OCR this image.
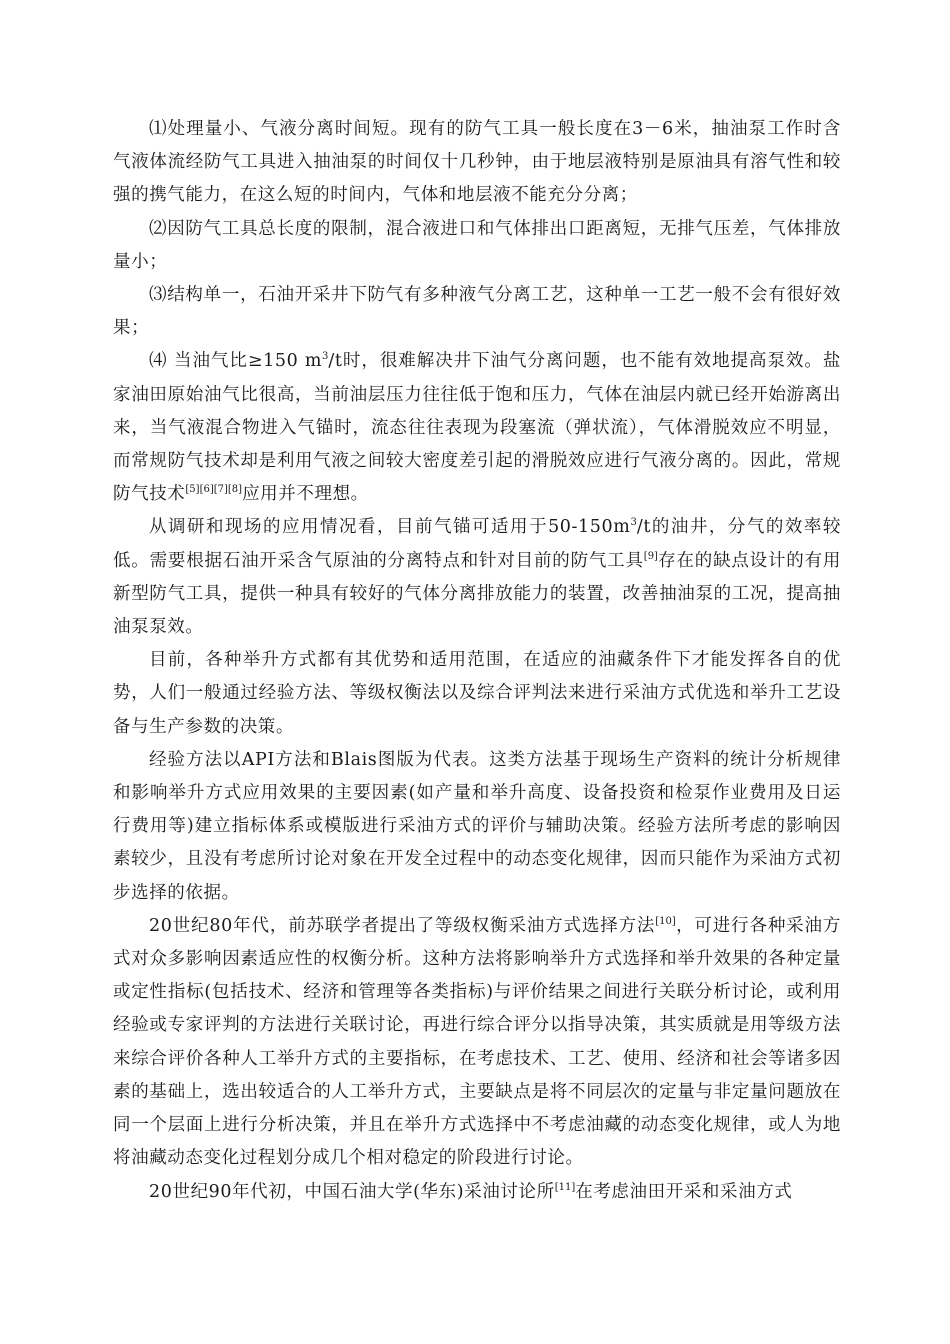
⑴处理量小、气液分离时间短。现有的防气工具一般长度在3－6米，抽油泵工作时含气液体流经防气工具进入抽油泵的时间仅十几秒钟，由于地层液特别是原油具有溶气性和较强的携气能力，在这么短的时间内，气体和地层液不能充分分离；

⑵因防气工具总长度的限制，混合液进口和气体排出口距离短，无排气压差，气体排放量小；

⑶结构单一，石油开采井下防气有多种液气分离工艺，这种单一工艺一般不会有很好效果；

⑷ 当油气比≥150 $m^3/t$时，很难解决井下油气分离问题，也不能有效地提高泵效。盐家油田原始油气比很高，当前油层压力往往低于饱和压力，气体在油层内就已经开始游离出来，当气液混合物进入气锚时，流态往往表现为段塞流（弹状流），气体滑脱效应不明显，而常规防气技术却是利用气液之间较大密度差引起的滑脱效应进行气液分离的。因此，常规防气技术[5][6][7][8]应用并不理想。

从调研和现场的应用情况看，目前气锚可适用于$50-150m^3/t$的油井，分气的效率较低。需要根据石油开采含气原油的分离特点和针对目前的防气工具[9]存在的缺点设计的有用新型防气工具，提供一种具有较好的气体分离排放能力的装置，改善抽油泵的工况，提高抽油泵泵效。

目前，各种举升方式都有其优势和适用范围，在适应的油藏条件下才能发挥各自的优势，人们一般通过经验方法、等级权衡法以及综合评判法来进行采油方式优选和举升工艺设备与生产参数的决策。

经验方法以API方法和Blais图版为代表。这类方法基于现场生产资料的统计分析规律和影响举升方式应用效果的主要因素(如产量和举升高度、设备投资和检泵作业费用及日运行费用等)建立指标体系或模版进行采油方式的评价与辅助决策。经验方法所考虑的影响因素较少，且没有考虑所讨论对象在开发全过程中的动态变化规律，因而只能作为采油方式初步选择的依据。

20世纪80年代，前苏联学者提出了等级权衡采油方式选择方法[10]，可进行各种采油方式对众多影响因素适应性的权衡分析。这种方法将影响举升方式选择和举升效果的各种定量或定性指标(包括技术、经济和管理等各类指标)与评价结果之间进行关联分析讨论，或利用经验或专家评判的方法进行关联讨论，再进行综合评分以指导决策，其实质就是用等级方法来综合评价各种人工举升方式的主要指标，在考虑技术、工艺、使用、经济和社会等诸多因素的基础上，选出较适合的人工举升方式，主要缺点是将不同层次的定量与非定量问题放在同一个层面上进行分析决策，并且在举升方式选择中不考虑油藏的动态变化规律，或人为地将油藏动态变化过程划分成几个相对稳定的阶段进行讨论。

20世纪90年代初，中国石油大学(华东)采油讨论所[11]在考虑油田开采和采油方式
